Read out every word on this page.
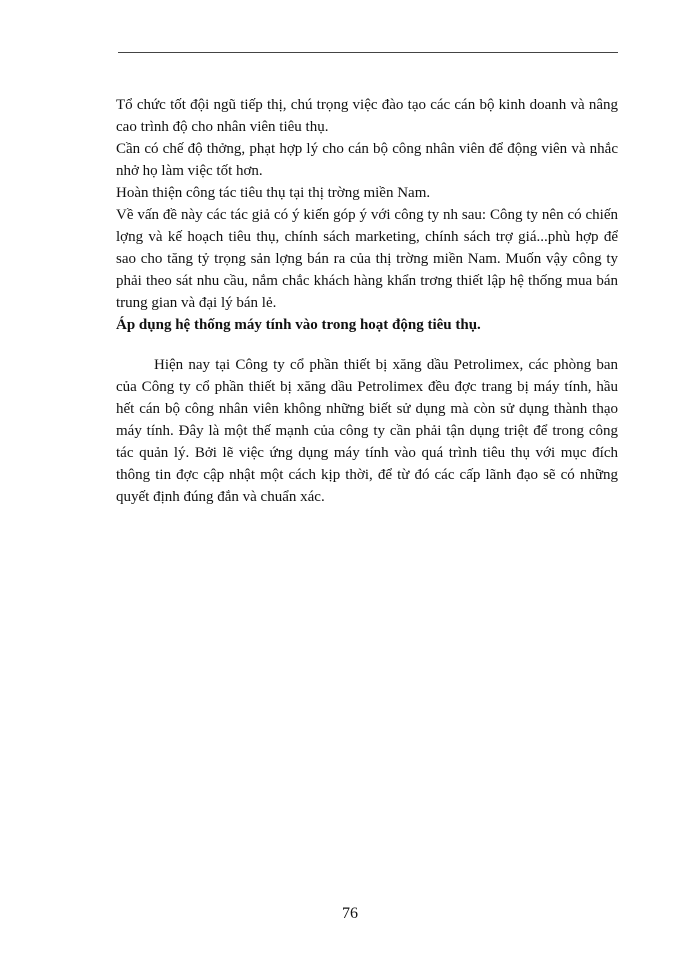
Tổ chức tốt đội ngũ tiếp thị, chú trọng việc đào tạo các cán bộ kinh doanh và nâng cao trình độ cho nhân viên tiêu thụ.

Cần có chế độ thởng, phạt hợp lý cho cán bộ công nhân viên để động viên và nhắc nhở họ làm việc tốt hơn.

Hoàn thiện công tác tiêu thụ tại thị trờng miền Nam.

Về vấn đề này các tác giả có ý kiến góp ý với công ty nh sau: Công ty nên có chiến lợng và kế hoạch tiêu thụ, chính sách marketing, chính sách trợ giá...phù hợp để sao cho tăng tỷ trọng sản lợng bán ra của thị trờng miền Nam. Muốn vậy công ty phải theo sát nhu cầu, nắm chắc khách hàng khẩn trơng thiết lập hệ thống mua bán trung gian và đại lý bán lẻ.

Áp dụng hệ thống máy tính vào trong hoạt động tiêu thụ.

Hiện nay tại Công ty cổ phần thiết bị xăng dầu Petrolimex, các phòng ban của Công ty cổ phần thiết bị xăng dầu Petrolimex đều đợc trang bị máy tính, hầu hết cán bộ công nhân viên không những biết sử dụng mà còn sử dụng thành thạo máy tính. Đây là một thế mạnh của công ty cần phải tận dụng triệt để trong công tác quản lý. Bởi lẽ việc ứng dụng máy tính vào quá trình tiêu thụ với mục đích thông tin đợc cập nhật một cách kịp thời, để từ đó các cấp lãnh đạo sẽ có những quyết định đúng đắn và chuẩn xác.

76
